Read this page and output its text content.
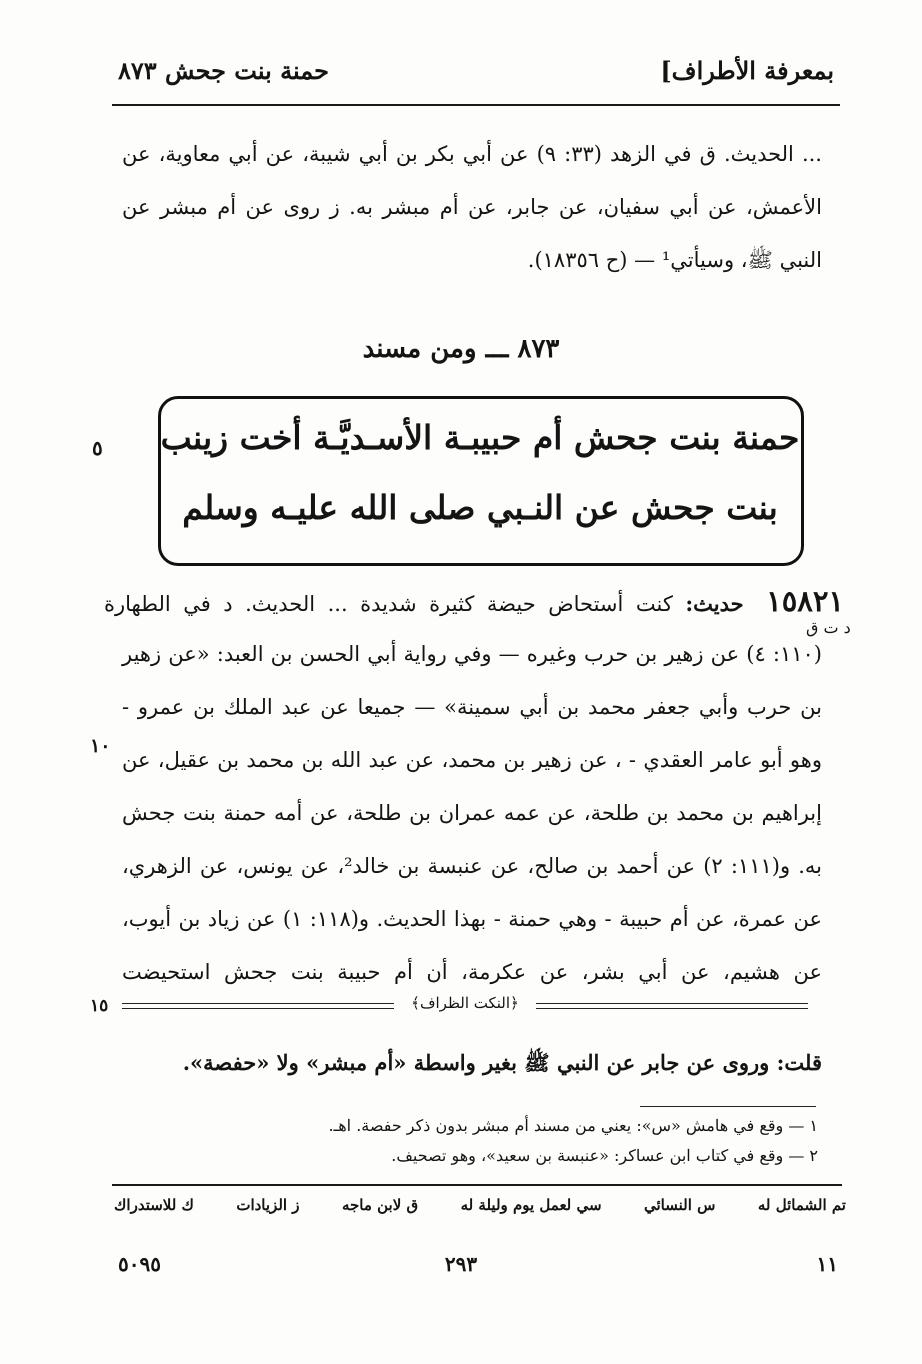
بمعرفة الأطراف]
حمنة بنت جحش ٨٧٣
... الحديث. ق في الزهد (٣٣: ٩) عن أبي بكر بن أبي شيبة، عن أبي معاوية، عن الأعمش، عن أبي سفيان، عن جابر، عن أم مبشر به. ز روى عن أم مبشر عن النبي ﷺ، وسيأتي¹ — (ح ١٨٣٥٦).
٨٧٣ ـــ ومن مسند
حمنة بنت جحش أم حبيبـة الأسـديَّـة أخت زينب
بنت جحش عن النـبي صلى الله عليـه وسلم
٥
١٥٨٢١ حديث: كنت أستحاض حيضة كثيرة شديدة ... الحديث. د في الطهارة
د ت ق
(١١٠: ٤) عن زهير بن حرب وغيره — وفي رواية أبي الحسن بن العبد: «عن زهير بن حرب وأبي جعفر محمد بن أبي سمينة» — جميعا عن عبد الملك بن عمرو - وهو أبو عامر العقدي - ، عن زهير بن محمد، عن عبد الله بن محمد بن عقيل، عن إبراهيم بن محمد بن طلحة، عن عمه عمران بن طلحة، عن أمه حمنة بنت جحش به. و(١١١: ٢) عن أحمد بن صالح، عن عنبسة بن خالد²، عن يونس، عن الزهري، عن عمرة، عن أم حبيبة - وهي حمنة - بهذا الحديث. و(١١٨: ١) عن زياد بن أيوب، عن هشيم، عن أبي بشر، عن عكرمة، أن أم حبيبة بنت جحش استحيضت
١٠
﴿النكت الظراف﴾
١٥
قلت: وروى عن جابر عن النبي ﷺ بغير واسطة «أم مبشر» ولا «حفصة».
١ — وقع في هامش «س»: يعني من مسند أم مبشر بدون ذكر حفصة. اهـ.
٢ — وقع في كتاب ابن عساكر: «عنبسة بن سعيد»، وهو تصحيف.
تم الشمائل له
س النسائي
سي لعمل يوم وليلة له
ق لابن ماجه
ز الزيادات
ك للاستدراك
٥٠٩٥	٢٩٣	١١
